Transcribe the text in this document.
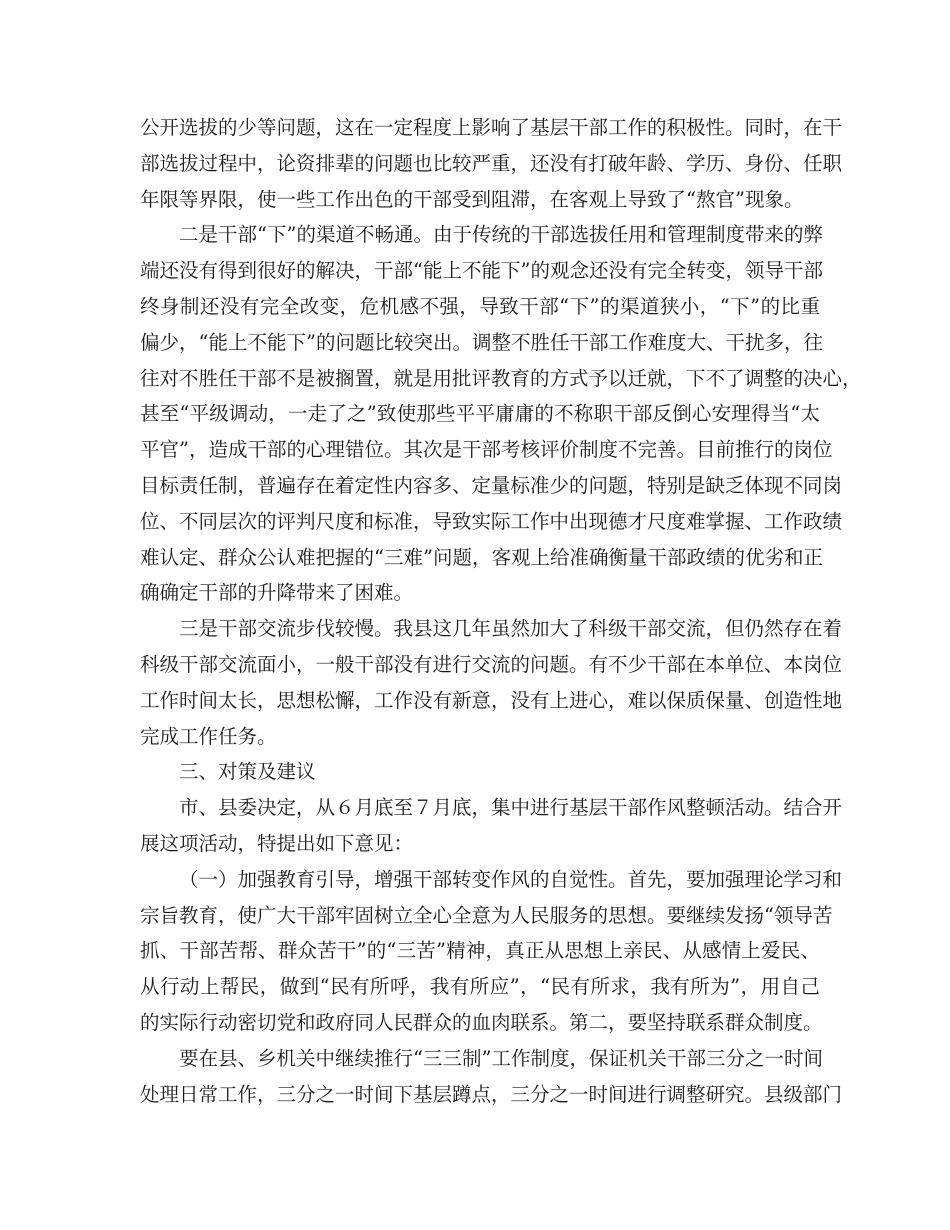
公开选拔的少等问题，这在一定程度上影响了基层干部工作的积极性。同时，在干
部选拔过程中，论资排辈的问题也比较严重，还没有打破年龄、学历、身份、任职
年限等界限，使一些工作出色的干部受到阻滞，在客观上导致了“熬官”现象。
二是干部“下”的渠道不畅通。由于传统的干部选拔任用和管理制度带来的弊
端还没有得到很好的解决，干部“能上不能下”的观念还没有完全转变，领导干部
终身制还没有完全改变，危机感不强，导致干部“下”的渠道狭小，“下”的比重
偏少，“能上不能下”的问题比较突出。调整不胜任干部工作难度大、干扰多，往
往对不胜任干部不是被搁置，就是用批评教育的方式予以迁就，下不了调整的决心，
甚至“平级调动，一走了之”致使那些平平庸庸的不称职干部反倒心安理得当“太
平官”，造成干部的心理错位。其次是干部考核评价制度不完善。目前推行的岗位
目标责任制，普遍存在着定性内容多、定量标准少的问题，特别是缺乏体现不同岗
位、不同层次的评判尺度和标准，导致实际工作中出现德才尺度难掌握、工作政绩
难认定、群众公认难把握的“三难”问题，客观上给准确衡量干部政绩的优劣和正
确确定干部的升降带来了困难。
三是干部交流步伐较慢。我县这几年虽然加大了科级干部交流，但仍然存在着
科级干部交流面小，一般干部没有进行交流的问题。有不少干部在本单位、本岗位
工作时间太长，思想松懈，工作没有新意，没有上进心，难以保质保量、创造性地
完成工作任务。
三、对策及建议
市、县委决定，从６月底至７月底，集中进行基层干部作风整顿活动。结合开
展这项活动，特提出如下意见：
（一）加强教育引导，增强干部转变作风的自觉性。首先，要加强理论学习和
宗旨教育，使广大干部牢固树立全心全意为人民服务的思想。要继续发扬“领导苦
抓、干部苦帮、群众苦干”的“三苦”精神，真正从思想上亲民、从感情上爱民、
从行动上帮民，做到“民有所呼，我有所应”，“民有所求，我有所为”，用自己
的实际行动密切党和政府同人民群众的血肉联系。第二，要坚持联系群众制度。
要在县、乡机关中继续推行“三三制”工作制度，保证机关干部三分之一时间
处理日常工作，三分之一时间下基层蹲点，三分之一时间进行调整研究。县级部门
